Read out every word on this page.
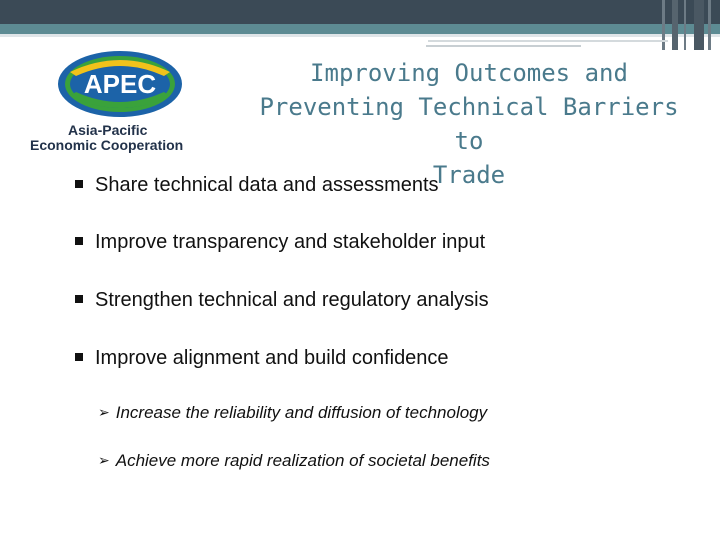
APEC
Asia-Pacific
Economic Cooperation
Improving Outcomes and
Preventing Technical Barriers to
Trade
Share technical data and assessments
Improve transparency and stakeholder input
Strengthen technical and regulatory analysis
Improve alignment and build confidence
➢ Increase the reliability and diffusion of technology
➢ Achieve more rapid realization of societal benefits
